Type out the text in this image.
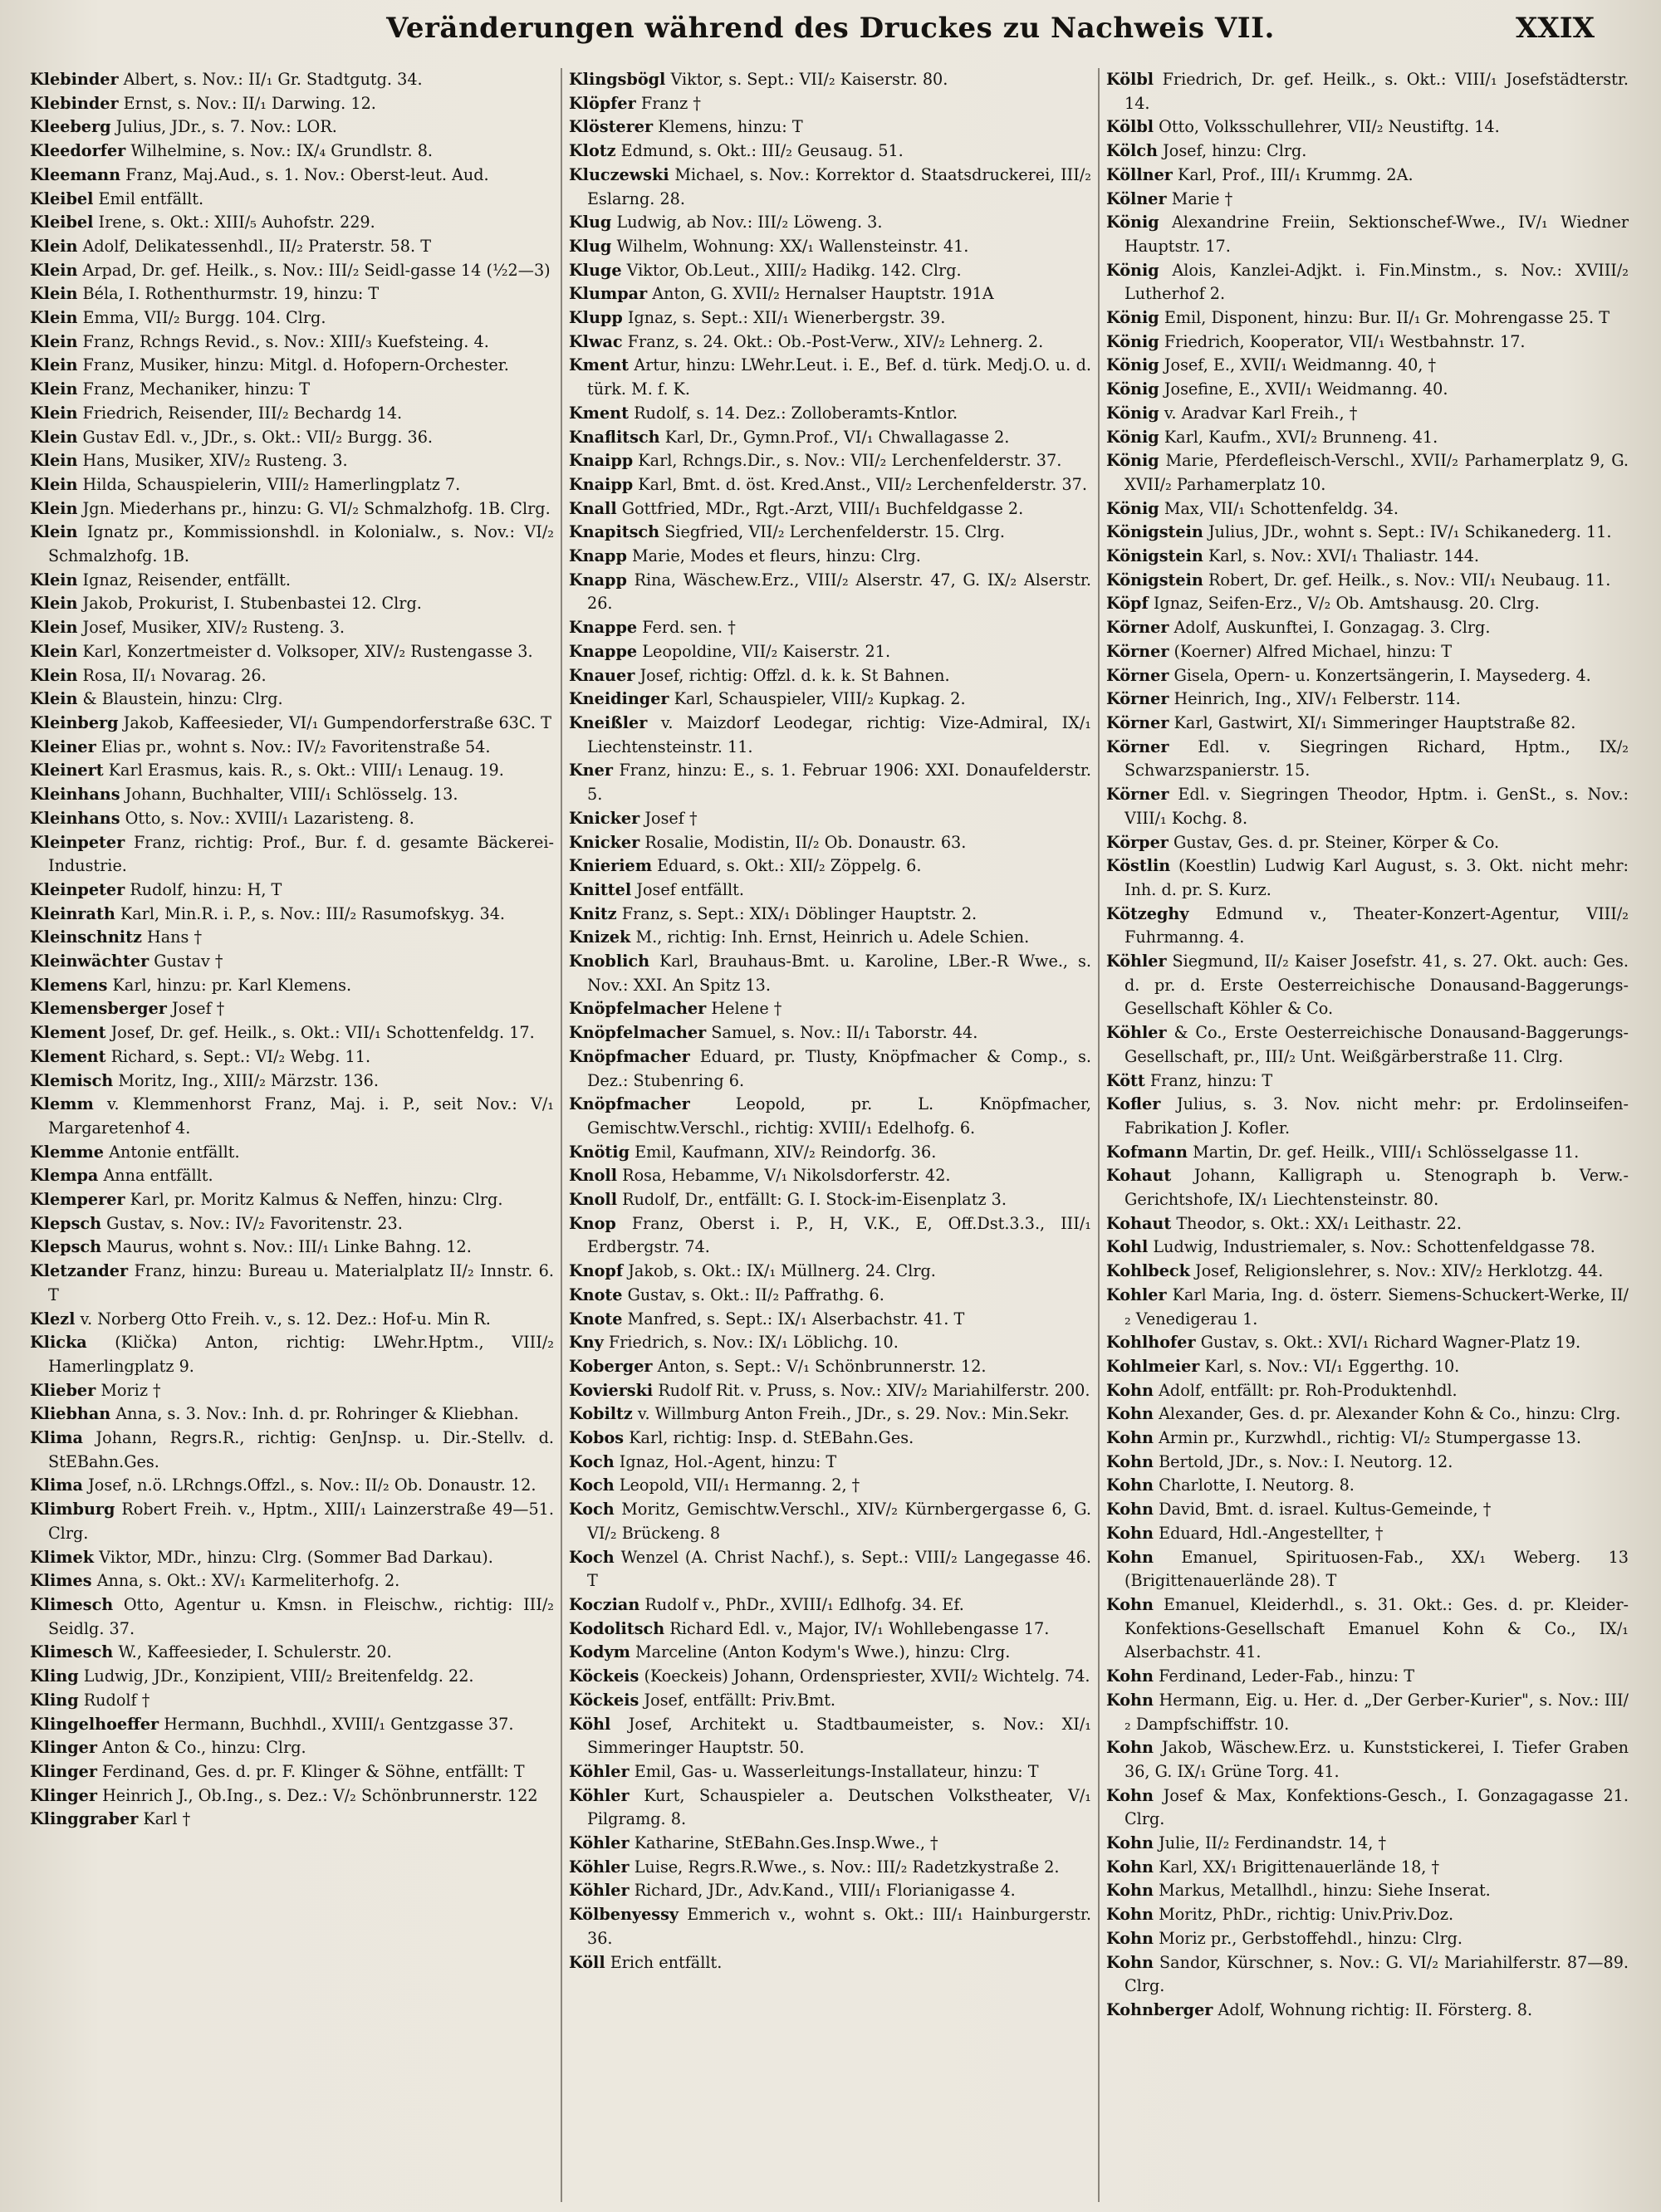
Veränderungen während des Druckes zu Nachweis VII.	XXIX
Klebinder Albert, s. Nov.: II/₁ Gr. Stadtgutg. 34.
Klebinder Ernst, s. Nov.: II/₁ Darwing. 12.
Kleeberg Julius, JDr., s. 7. Nov.: LOR.
Kleedorfer Wilhelmine, s. Nov.: IX/₄ Grundlstr. 8.
Kleemann Franz, Maj.Aud., s. 1. Nov.: Oberst-leut. Aud.
Kleibel Emil entfällt.
Kleibel Irene, s. Okt.: XIII/₅ Auhofstr. 229.
Klein Adolf, Delikatessenhdl., II/₂ Praterstr. 58. T
Klein Arpad, Dr. gef. Heilk., s. Nov.: III/₂ Seidl-gasse 14 (½2—3)
Klein Béla, I. Rothenthurmstr. 19, hinzu: T
Klein Emma, VII/₂ Burgg. 104. Clrg.
Klein Franz, Rchngs Revid., s. Nov.: XIII/₃ Kuefsteing. 4.
Klein Franz, Musiker, hinzu: Mitgl. d. Hofopern-Orchester.
Klein Franz, Mechaniker, hinzu: T
Klein Friedrich, Reisender, III/₂ Bechardg 14.
Klein Gustav Edl. v., JDr., s. Okt.: VII/₂ Burgg. 36.
Klein Hans, Musiker, XIV/₂ Rusteng. 3.
Klein Hilda, Schauspielerin, VIII/₂ Hamerlingplatz 7.
Klein Jgn. Miederhans pr., hinzu: G. VI/₂ Schmalzhofg. 1B. Clrg.
Klein Ignatz pr., Kommissionshdl. in Kolonialw., s. Nov.: VI/₂ Schmalzhofg. 1B.
Klein Ignaz, Reisender, entfällt.
Klein Jakob, Prokurist, I. Stubenbastei 12. Clrg.
Klein Josef, Musiker, XIV/₂ Rusteng. 3.
Klein Karl, Konzertmeister d. Volksoper, XIV/₂ Rustengasse 3.
Klein Rosa, II/₁ Novarag. 26.
Klein & Blaustein, hinzu: Clrg.
Kleinberg Jakob, Kaffeesieder, VI/₁ Gumpendorferstraße 63C. T
Kleiner Elias pr., wohnt s. Nov.: IV/₂ Favoritenstraße 54.
Kleinert Karl Erasmus, kais. R., s. Okt.: VIII/₁ Lenaug. 19.
Kleinhans Johann, Buchhalter, VIII/₁ Schlösselg. 13.
Kleinhans Otto, s. Nov.: XVIII/₁ Lazaristeng. 8.
Kleinpeter Franz, richtig: Prof., Bur. f. d. gesamte Bäckerei-Industrie.
Kleinpeter Rudolf, hinzu: H, T
Kleinrath Karl, Min.R. i. P., s. Nov.: III/₂ Rasumofskyg. 34.
Kleinschnitz Hans †
Kleinwächter Gustav †
Klemens Karl, hinzu: pr. Karl Klemens.
Klemensberger Josef †
Klement Josef, Dr. gef. Heilk., s. Okt.: VII/₁ Schottenfeldg. 17.
Klement Richard, s. Sept.: VI/₂ Webg. 11.
Klemisch Moritz, Ing., XIII/₂ Märzstr. 136.
Klemm v. Klemmenhorst Franz, Maj. i. P., seit Nov.: V/₁ Margaretenhof 4.
Klemme Antonie entfällt.
Klempa Anna entfällt.
Klemperer Karl, pr. Moritz Kalmus & Neffen, hinzu: Clrg.
Klepsch Gustav, s. Nov.: IV/₂ Favoritenstr. 23.
Klepsch Maurus, wohnt s. Nov.: III/₁ Linke Bahng. 12.
Kletzander Franz, hinzu: Bureau u. Materialplatz II/₂ Innstr. 6. T
Klezl v. Norberg Otto Freih. v., s. 12. Dez.: Hof-u. Min R.
Klicka (Klička) Anton, richtig: LWehr.Hptm., VIII/₂ Hamerlingplatz 9.
Klieber Moriz †
Kliebhan Anna, s. 3. Nov.: Inh. d. pr. Rohringer & Kliebhan.
Klima Johann, Regrs.R., richtig: GenJnsp. u. Dir.-Stellv. d. StEBahn.Ges.
Klima Josef, n.ö. LRchngs.Offzl., s. Nov.: II/₂ Ob. Donaustr. 12.
Klimburg Robert Freih. v., Hptm., XIII/₁ Lainzerstraße 49—51. Clrg.
Klimek Viktor, MDr., hinzu: Clrg. (Sommer Bad Darkau).
Klimes Anna, s. Okt.: XV/₁ Karmeliterhofg. 2.
Klimesch Otto, Agentur u. Kmsn. in Fleischw., richtig: III/₂ Seidlg. 37.
Klimesch W., Kaffeesieder, I. Schulerstr. 20.
Kling Ludwig, JDr., Konzipient, VIII/₂ Breitenfeldg. 22.
Kling Rudolf †
Klingelhoeffer Hermann, Buchhdl., XVIII/₁ Gentzgasse 37.
Klinger Anton & Co., hinzu: Clrg.
Klinger Ferdinand, Ges. d. pr. F. Klinger & Söhne, entfällt: T
Klinger Heinrich J., Ob.Ing., s. Dez.: V/₂ Schönbrunnerstr. 122
Klinggraber Karl †
Klingsbögl Viktor, s. Sept.: VII/₂ Kaiserstr. 80.
Klöpfer Franz †
Klösterer Klemens, hinzu: T
Klotz Edmund, s. Okt.: III/₂ Geusaug. 51.
Kluczewski Michael, s. Nov.: Korrektor d. Staatsdruckerei, III/₂ Eslarng. 28.
Klug Ludwig, ab Nov.: III/₂ Löweng. 3.
Klug Wilhelm, Wohnung: XX/₁ Wallensteinstr. 41.
Kluge Viktor, Ob.Leut., XIII/₂ Hadikg. 142. Clrg.
Klumpar Anton, G. XVII/₂ Hernalser Hauptstr. 191A
Klupp Ignaz, s. Sept.: XII/₁ Wienerbergstr. 39.
Klwac Franz, s. 24. Okt.: Ob.-Post-Verw., XIV/₂ Lehnerg. 2.
Kment Artur, hinzu: LWehr.Leut. i. E., Bef. d. türk. Medj.O. u. d. türk. M. f. K.
Kment Rudolf, s. 14. Dez.: Zolloberamts-Kntlor.
Knaflitsch Karl, Dr., Gymn.Prof., VI/₁ Chwallagasse 2.
Knaipp Karl, Rchngs.Dir., s. Nov.: VII/₂ Lerchenfelderstr. 37.
Knaipp Karl, Bmt. d. öst. Kred.Anst., VII/₂ Lerchenfelderstr. 37.
Knall Gottfried, MDr., Rgt.-Arzt, VIII/₁ Buchfeldgasse 2.
Knapitsch Siegfried, VII/₂ Lerchenfelderstr. 15. Clrg.
Knapp Marie, Modes et fleurs, hinzu: Clrg.
Knapp Rina, Wäschew.Erz., VIII/₂ Alserstr. 47, G. IX/₂ Alserstr. 26.
Knappe Ferd. sen. †
Knappe Leopoldine, VII/₂ Kaiserstr. 21.
Knauer Josef, richtig: Offzl. d. k. k. St Bahnen.
Kneidinger Karl, Schauspieler, VIII/₂ Kupkag. 2.
Kneißler v. Maizdorf Leodegar, richtig: Vize-Admiral, IX/₁ Liechtensteinstr. 11.
Kner Franz, hinzu: E., s. 1. Februar 1906: XXI. Donaufelderstr. 5.
Knicker Josef †
Knicker Rosalie, Modistin, II/₂ Ob. Donaustr. 63.
Knieriem Eduard, s. Okt.: XII/₂ Zöppelg. 6.
Knittel Josef entfällt.
Knitz Franz, s. Sept.: XIX/₁ Döblinger Hauptstr. 2.
Knizek M., richtig: Inh. Ernst, Heinrich u. Adele Schien.
Knoblich Karl, Brauhaus-Bmt. u. Karoline, LBer.-R Wwe., s. Nov.: XXI. An Spitz 13.
Knöpfelmacher Helene †
Knöpfelmacher Samuel, s. Nov.: II/₁ Taborstr. 44.
Knöpfmacher Eduard, pr. Tlusty, Knöpfmacher & Comp., s. Dez.: Stubenring 6.
Knöpfmacher	Leopold, pr. L. Knöpfmacher, Gemischtw.Verschl., richtig: XVIII/₁ Edelhofg. 6.
Knötig Emil, Kaufmann, XIV/₂ Reindorfg. 36.
Knoll Rosa, Hebamme, V/₁ Nikolsdorferstr. 42.
Knoll Rudolf, Dr., entfällt: G. I. Stock-im-Eisenplatz 3.
Knop Franz, Oberst i. P., H, V.K., E, Off.Dst.3.3., III/₁ Erdbergstr. 74.
Knopf Jakob, s. Okt.: IX/₁ Müllnerg. 24. Clrg.
Knote Gustav, s. Okt.: II/₂ Paffrathg. 6.
Knote Manfred, s. Sept.: IX/₁ Alserbachstr. 41. T
Kny Friedrich, s. Nov.: IX/₁ Löblichg. 10.
Koberger Anton, s. Sept.: V/₁ Schönbrunnerstr. 12.
Kovierski Rudolf Rit. v. Pruss, s. Nov.: XIV/₂ Mariahilferstr. 200.
Kobiltz v. Willmburg Anton Freih., JDr., s. 29. Nov.: Min.Sekr.
Kobos Karl, richtig: Insp. d. StEBahn.Ges.
Koch Ignaz, Hol.-Agent, hinzu: T
Koch Leopold, VII/₁ Hermanng. 2, †
Koch Moritz, Gemischtw.Verschl., XIV/₂ Kürnbergergasse 6, G. VI/₂ Brückeng. 8
Koch Wenzel (A. Christ Nachf.), s. Sept.: VIII/₂ Langegasse 46. T
Koczian Rudolf v., PhDr., XVIII/₁ Edlhofg. 34. Ef.
Kodolitsch Richard Edl. v., Major, IV/₁ Wohllebengasse 17.
Kodym Marceline (Anton Kodym's Wwe.), hinzu: Clrg.
Köckeis (Koeckeis) Johann, Ordenspriester, XVII/₂ Wichtelg. 74.
Köckeis Josef, entfällt: Priv.Bmt.
Köhl Josef, Architekt u. Stadtbaumeister, s. Nov.: XI/₁ Simmeringer Hauptstr. 50.
Köhler Emil, Gas- u. Wasserleitungs-Installateur, hinzu: T
Köhler Kurt, Schauspieler a. Deutschen Volkstheater, V/₁ Pilgramg. 8.
Köhler Katharine, StEBahn.Ges.Insp.Wwe., †
Köhler Luise, Regrs.R.Wwe., s. Nov.: III/₂ Radetzkystraße 2.
Köhler Richard, JDr., Adv.Kand., VIII/₁ Florianigasse 4.
Kölbenyessy Emmerich v., wohnt s. Okt.: III/₁ Hainburgerstr. 36.
Köll Erich entfällt.
Kölbl Friedrich, Dr. gef. Heilk., s. Okt.: VIII/₁ Josefstädterstr. 14.
Kölbl Otto, Volksschullehrer, VII/₂ Neustiftg. 14.
Kölch Josef, hinzu: Clrg.
Köllner Karl, Prof., III/₁ Krummg. 2A.
Kölner Marie †
König Alexandrine Freiin, Sektionschef-Wwe., IV/₁ Wiedner Hauptstr. 17.
König Alois, Kanzlei-Adjkt. i. Fin.Minstm., s. Nov.: XVIII/₂ Lutherhof 2.
König Emil, Disponent, hinzu: Bur. II/₁ Gr. Mohrengasse 25. T
König Friedrich, Kooperator, VII/₁ Westbahnstr. 17.
König Josef, E., XVII/₁ Weidmanng. 40, †
König Josefine, E., XVII/₁ Weidmanng. 40.
König v. Aradvar Karl Freih., †
König Karl, Kaufm., XVI/₂ Brunneng. 41.
König Marie, Pferdefleisch-Verschl., XVII/₂ Parhamerplatz 9, G. XVII/₂ Parhamerplatz 10.
König Max, VII/₁ Schottenfeldg. 34.
Königstein Julius, JDr., wohnt s. Sept.: IV/₁ Schikanederg. 11.
Königstein Karl, s. Nov.: XVI/₁ Thaliastr. 144.
Königstein Robert, Dr. gef. Heilk., s. Nov.: VII/₁ Neubaug. 11.
Köpf Ignaz, Seifen-Erz., V/₂ Ob. Amtshausg. 20. Clrg.
Körner Adolf, Auskunftei, I. Gonzagag. 3. Clrg.
Körner (Koerner) Alfred Michael, hinzu: T
Körner Gisela, Opern- u. Konzertsängerin, I. Maysederg. 4.
Körner Heinrich, Ing., XIV/₁ Felberstr. 114.
Körner Karl, Gastwirt, XI/₁ Simmeringer Hauptstraße 82.
Körner Edl. v. Siegringen Richard, Hptm., IX/₂ Schwarzspanierstr. 15.
Körner Edl. v. Siegringen Theodor, Hptm. i. GenSt., s. Nov.: VIII/₁ Kochg. 8.
Körper Gustav, Ges. d. pr. Steiner, Körper & Co.
Köstlin (Koestlin) Ludwig Karl August, s. 3. Okt. nicht mehr: Inh. d. pr. S. Kurz.
Kötzeghy Edmund v., Theater-Konzert-Agentur, VIII/₂ Fuhrmanng. 4.
Köhler Siegmund, II/₂ Kaiser Josefstr. 41, s. 27. Okt. auch: Ges. d. pr. d. Erste Oesterreichische Donausand-Baggerungs-Gesellschaft Köhler & Co.
Köhler & Co., Erste Oesterreichische Donausand-Baggerungs-Gesellschaft, pr., III/₂ Unt. Weißgärberstraße 11. Clrg.
Kött Franz, hinzu: T
Kofler Julius, s. 3. Nov. nicht mehr: pr. Erdolinseifen-Fabrikation J. Kofler.
Kofmann Martin, Dr. gef. Heilk., VIII/₁ Schlösselgasse 11.
Kohaut Johann, Kalligraph u. Stenograph b. Verw.-Gerichtshofe, IX/₁ Liechtensteinstr. 80.
Kohaut Theodor, s. Okt.: XX/₁ Leithastr. 22.
Kohl Ludwig, Industriemaler, s. Nov.: Schottenfeldgasse 78.
Kohlbeck Josef, Religionslehrer, s. Nov.: XIV/₂ Herklotzg. 44.
Kohler Karl Maria, Ing. d. österr. Siemens-Schuckert-Werke, II/₂ Venedigerau 1.
Kohlhofer Gustav, s. Okt.: XVI/₁ Richard Wagner-Platz 19.
Kohlmeier Karl, s. Nov.: VI/₁ Eggerthg. 10.
Kohn Adolf, entfällt: pr. Roh-Produktenhdl.
Kohn Alexander, Ges. d. pr. Alexander Kohn & Co., hinzu: Clrg.
Kohn Armin pr., Kurzwhdl., richtig: VI/₂ Stumpergasse 13.
Kohn Bertold, JDr., s. Nov.: I. Neutorg. 12.
Kohn Charlotte, I. Neutorg. 8.
Kohn David, Bmt. d. israel. Kultus-Gemeinde, †
Kohn Eduard, Hdl.-Angestellter, †
Kohn Emanuel, Spirituosen-Fab., XX/₁ Weberg. 13 (Brigittenauerlände 28). T
Kohn Emanuel, Kleiderhdl., s. 31. Okt.: Ges. d. pr. Kleider-Konfektions-Gesellschaft Emanuel Kohn & Co., IX/₁ Alserbachstr. 41.
Kohn Ferdinand, Leder-Fab., hinzu: T
Kohn Hermann, Eig. u. Her. d. „Der Gerber-Kurier", s. Nov.: III/₂ Dampfschiffstr. 10.
Kohn Jakob, Wäschew.Erz. u. Kunststickerei, I. Tiefer Graben 36, G. IX/₁ Grüne Torg. 41.
Kohn Josef & Max, Konfektions-Gesch., I. Gonzagagasse 21. Clrg.
Kohn Julie, II/₂ Ferdinandstr. 14, †
Kohn Karl, XX/₁ Brigittenauerlände 18, †
Kohn Markus, Metallhdl., hinzu: Siehe Inserat.
Kohn Moritz, PhDr., richtig: Univ.Priv.Doz.
Kohn Moriz pr., Gerbstoffehdl., hinzu: Clrg.
Kohn Sandor, Kürschner, s. Nov.: G. VI/₂ Mariahilferstr. 87—89. Clrg.
Kohnberger Adolf, Wohnung richtig: II. Försterg. 8.
